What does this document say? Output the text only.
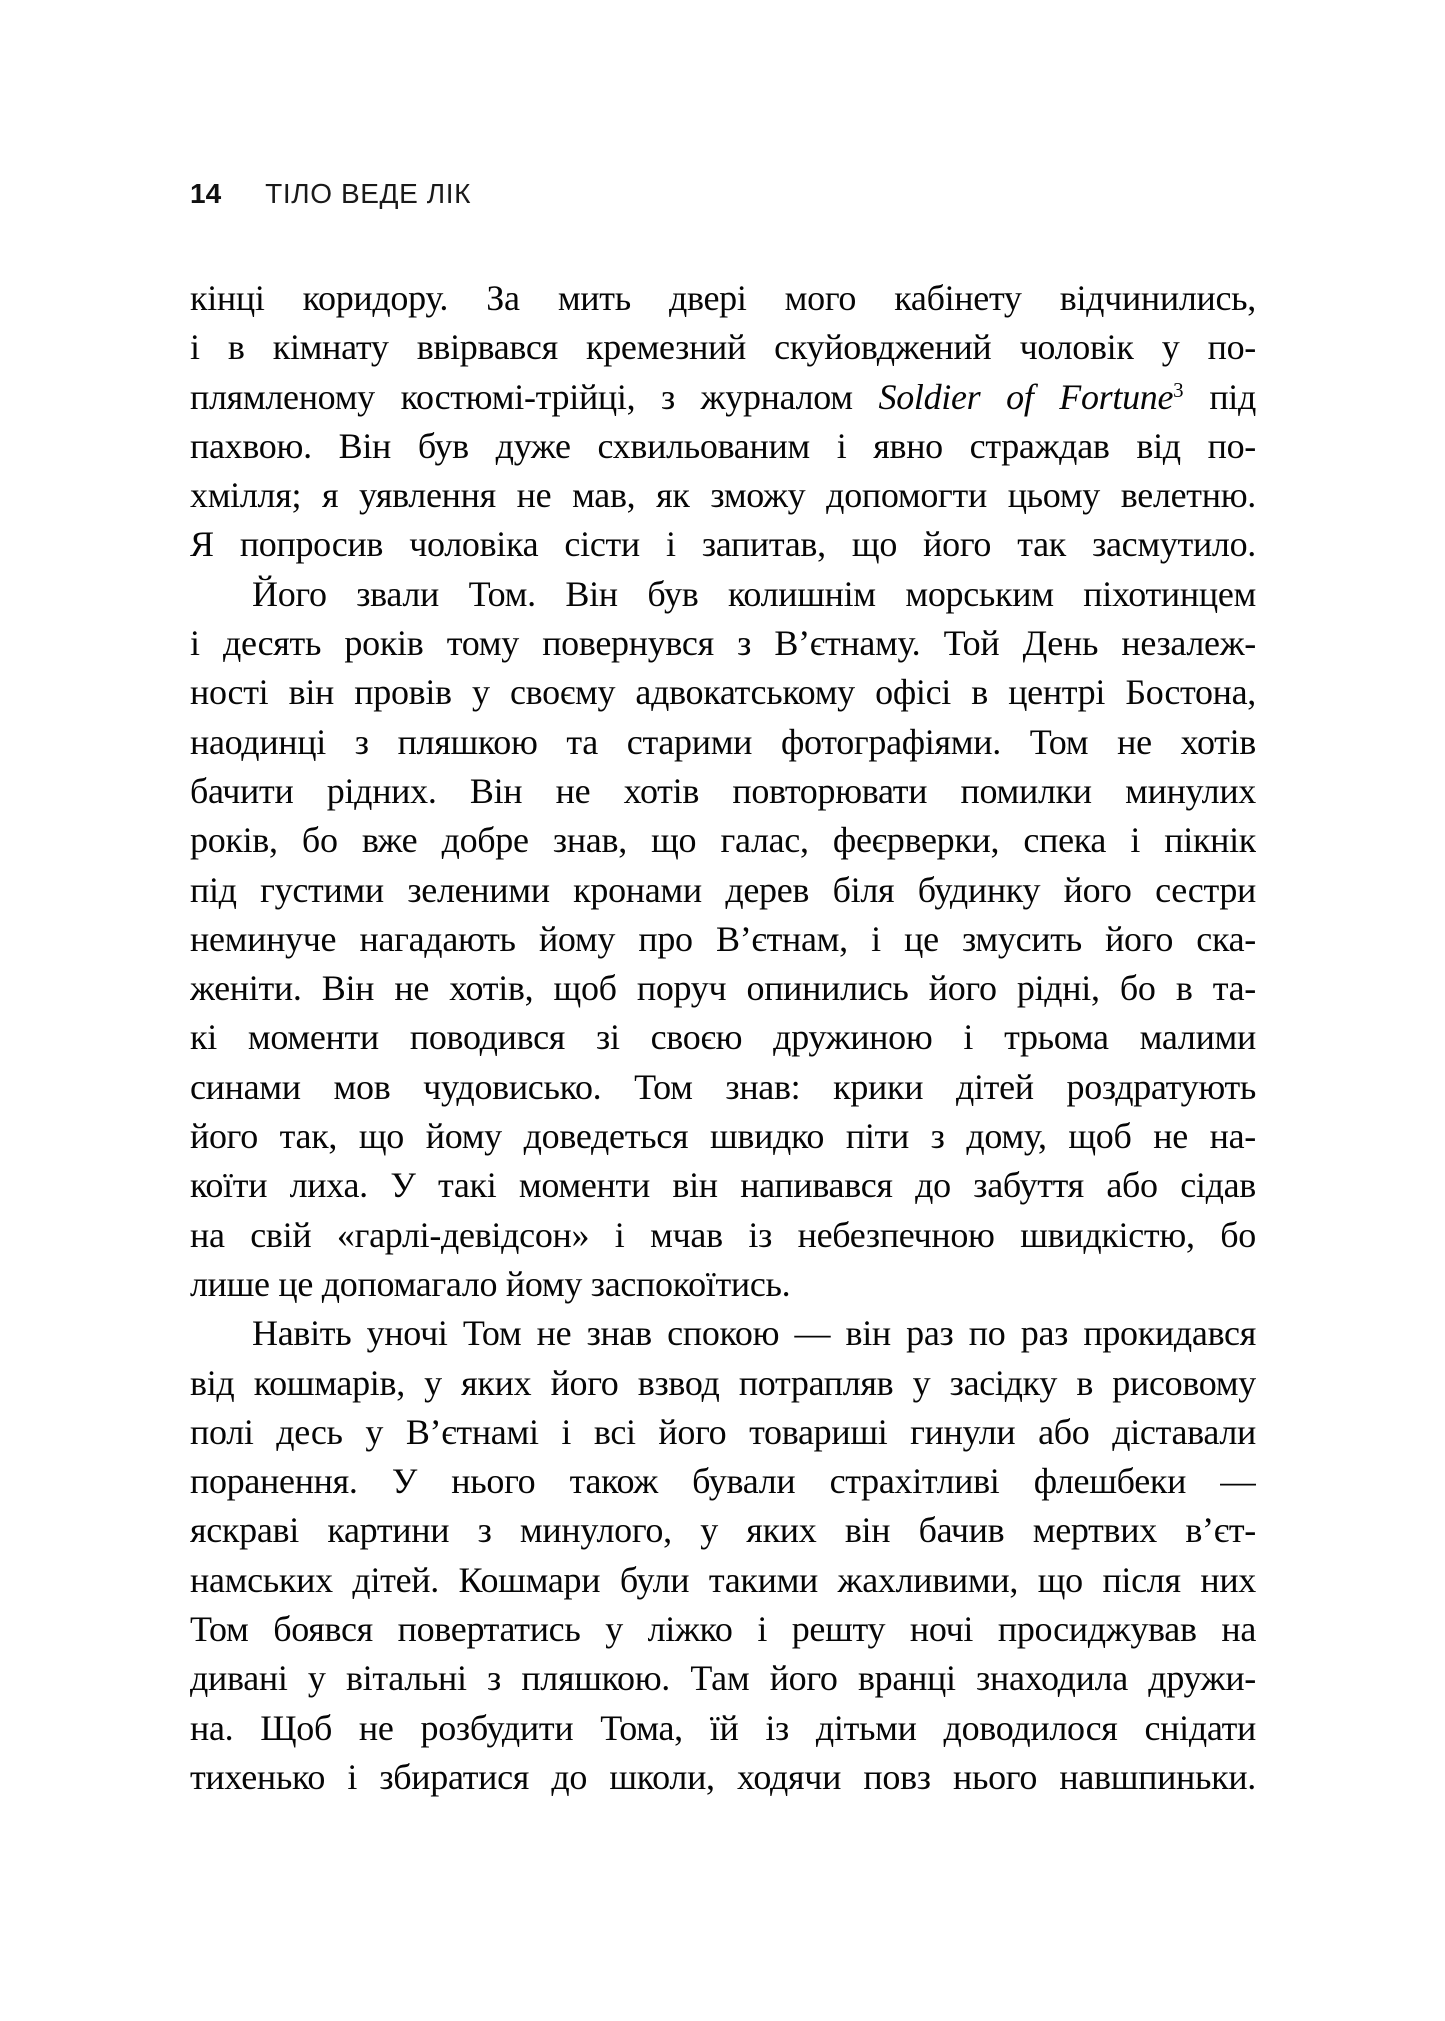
14 ТІЛО ВЕДЕ ЛІК
кінці коридору. За мить двері мого кабінету відчинились,
і в кімнату ввірвався кремезний скуйовджений чоловік у по-
плямленому костюмі-трійці, з журналом Soldier of Fortune$^3$ під
пахвою. Він був дуже схвильованим і явно страждав від по-
хмілля; я уявлення не мав, як зможу допомогти цьому велетню.
Я попросив чоловіка сісти і запитав, що його так засмутило.
Його звали Том. Він був колишнім морським піхотинцем
і десять років тому повернувся з В’єтнаму. Той День незалеж-
ності він провів у своєму адвокатському офісі в центрі Бостона,
наодинці з пляшкою та старими фотографіями. Том не хотів
бачити рідних. Він не хотів повторювати помилки минулих
років, бо вже добре знав, що галас, феєрверки, спека і пікнік
під густими зеленими кронами дерев біля будинку його сестри
неминуче нагадають йому про В’єтнам, і це змусить його ска-
женіти. Він не хотів, щоб поруч опинились його рідні, бо в та-
кі моменти поводився зі своєю дружиною і трьома малими
синами мов чудовисько. Том знав: крики дітей роздратують
його так, що йому доведеться швидко піти з дому, щоб не на-
коїти лиха. У такі моменти він напивався до забуття або сідав
на свій «гарлі-девідсон» і мчав із небезпечною швидкістю, бо
лише це допомагало йому заспокоїтись.
Навіть уночі Том не знав спокою — він раз по раз прокидався
від кошмарів, у яких його взвод потрапляв у засідку в рисовому
полі десь у В’єтнамі і всі його товариші гинули або діставали
поранення. У нього також бували страхітливі флешбеки —
яскраві картини з минулого, у яких він бачив мертвих в’єт-
намських дітей. Кошмари були такими жахливими, що після них
Том боявся повертатись у ліжко і решту ночі просиджував на
дивані у вітальні з пляшкою. Там його вранці знаходила дружи-
на. Щоб не розбудити Тома, їй із дітьми доводилося снідати
тихенько і збиратися до школи, ходячи повз нього навшпиньки.
